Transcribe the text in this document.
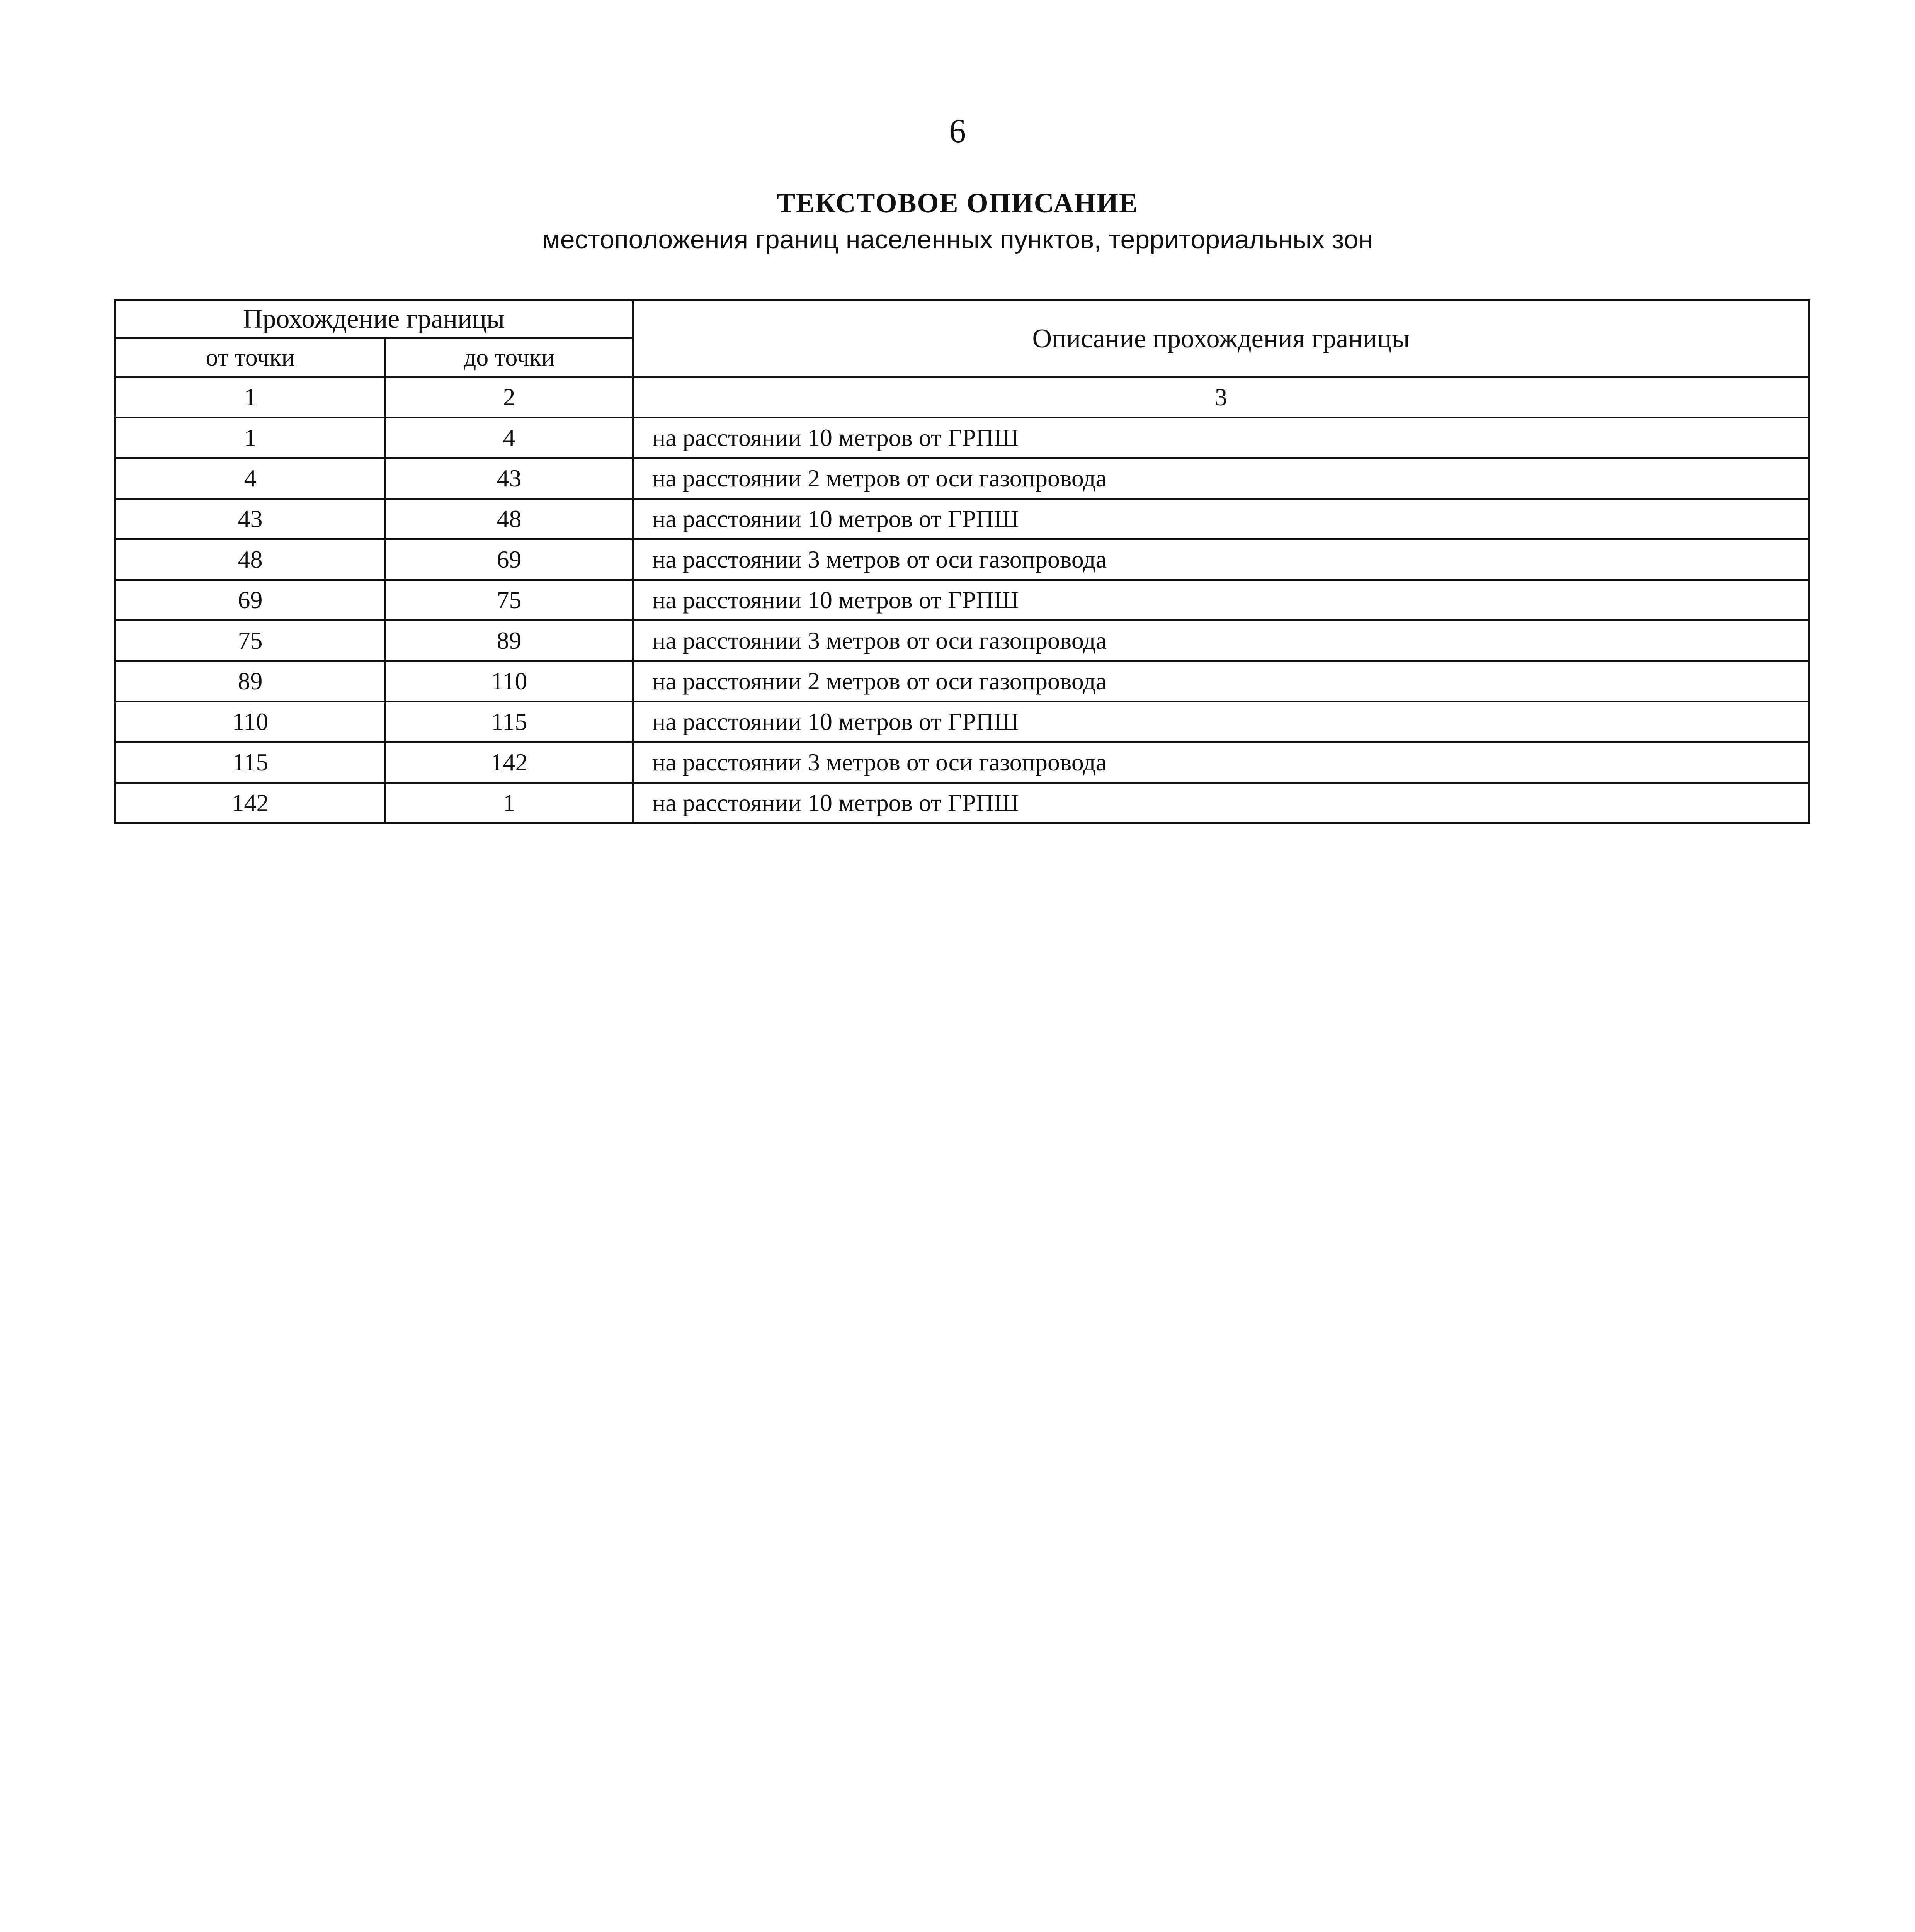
6
ТЕКСТОВОЕ ОПИСАНИЕ
местоположения границ населенных пунктов, территориальных зон
Прохождение границы		Описание прохождения границы
от точки	до точки	
1	2	3
1	4	на расстоянии 10 метров от ГРПШ
4	43	на расстоянии 2 метров от оси газопровода
43	48	на расстоянии 10 метров от ГРПШ
48	69	на расстоянии 3 метров от оси газопровода
69	75	на расстоянии 10 метров от ГРПШ
75	89	на расстоянии 3 метров от оси газопровода
89	110	на расстоянии 2 метров от оси газопровода
110	115	на расстоянии 10 метров от ГРПШ
115	142	на расстоянии 3 метров от оси газопровода
142	1	на расстоянии 10 метров от ГРПШ
